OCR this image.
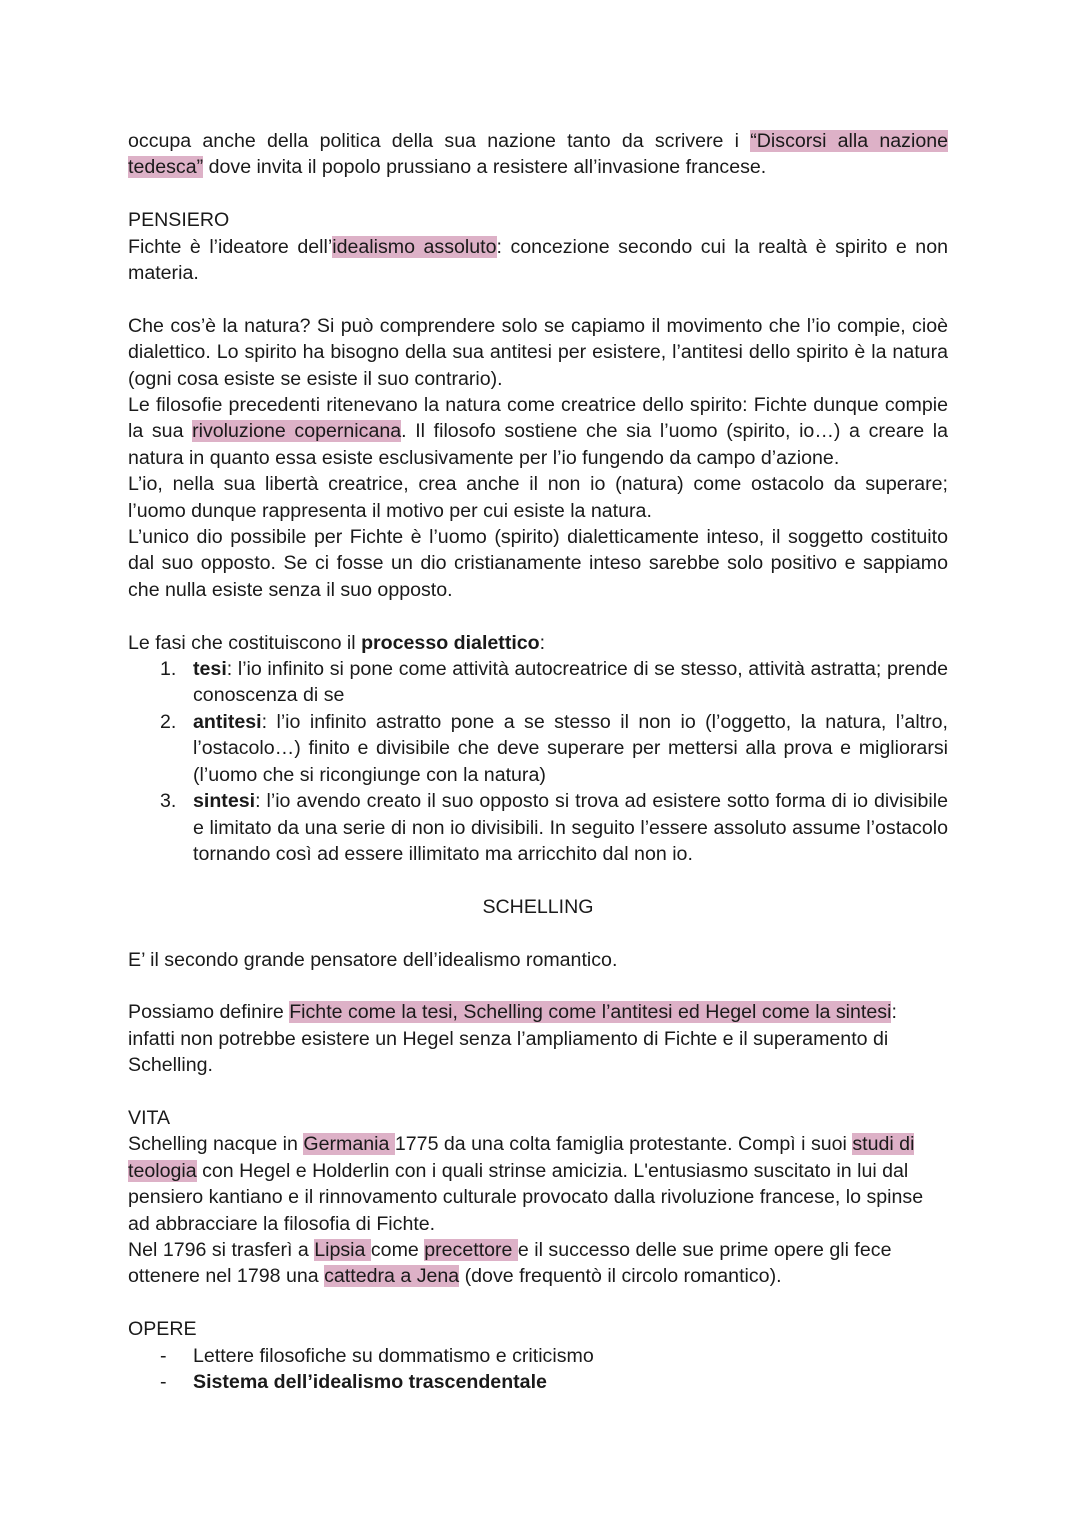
occupa anche della politica della sua nazione tanto da scrivere i “Discorsi alla nazione tedesca” dove invita il popolo prussiano a resistere all’invasione francese.

PENSIERO

Fichte è l’ideatore dell’idealismo assoluto: concezione secondo cui la realtà è spirito e non materia.

Che cos’è la natura? Si può comprendere solo se capiamo il movimento che l’io compie, cioè dialettico. Lo spirito ha bisogno della sua antitesi per esistere, l’antitesi dello spirito è la natura (ogni cosa esiste se esiste il suo contrario).

Le filosofie precedenti ritenevano la natura come creatrice dello spirito: Fichte dunque compie la sua rivoluzione copernicana. Il filosofo sostiene che sia l’uomo (spirito, io…) a creare la natura in quanto essa esiste esclusivamente per l’io fungendo da campo d’azione.

L’io, nella sua libertà creatrice, crea anche il non io (natura) come ostacolo da superare; l’uomo dunque rappresenta il motivo per cui esiste la natura.

L’unico dio possibile per Fichte è l’uomo (spirito) dialetticamente inteso, il soggetto costituito dal suo opposto. Se ci fosse un dio cristianamente inteso sarebbe solo positivo e sappiamo che nulla esiste senza il suo opposto.

Le fasi che costituiscono il processo dialettico:

1. tesi: l’io infinito si pone come attività autocreatrice di se stesso, attività astratta; prende conoscenza di se
2. antitesi: l’io infinito astratto pone a se stesso il non io (l’oggetto, la natura, l’altro, l’ostacolo…) finito e divisibile che deve superare per mettersi alla prova e migliorarsi (l’uomo che si ricongiunge con la natura)
3. sintesi: l’io avendo creato il suo opposto si trova ad esistere sotto forma di io divisibile e limitato da una serie di non io divisibili. In seguito l’essere assoluto assume l’ostacolo tornando così ad essere illimitato ma arricchito dal non io.

SCHELLING

E’ il secondo grande pensatore dell’idealismo romantico.

Possiamo definire Fichte come la tesi, Schelling come l’antitesi ed Hegel come la sintesi: infatti non potrebbe esistere un Hegel senza l’ampliamento di Fichte e il superamento di Schelling.

VITA

Schelling nacque in Germania 1775 da una colta famiglia protestante. Compì i suoi studi di teologia con Hegel e Holderlin con i quali strinse amicizia. L'entusiasmo suscitato in lui dal pensiero kantiano e il rinnovamento culturale provocato dalla rivoluzione francese, lo spinse ad abbracciare la filosofia di Fichte.

Nel 1796 si trasferì a Lipsia come precettore e il successo delle sue prime opere gli fece ottenere nel 1798 una cattedra a Jena (dove frequentò il circolo romantico).

OPERE

- Lettere filosofiche su dommatismo e criticismo
- Sistema dell’idealismo trascendentale
